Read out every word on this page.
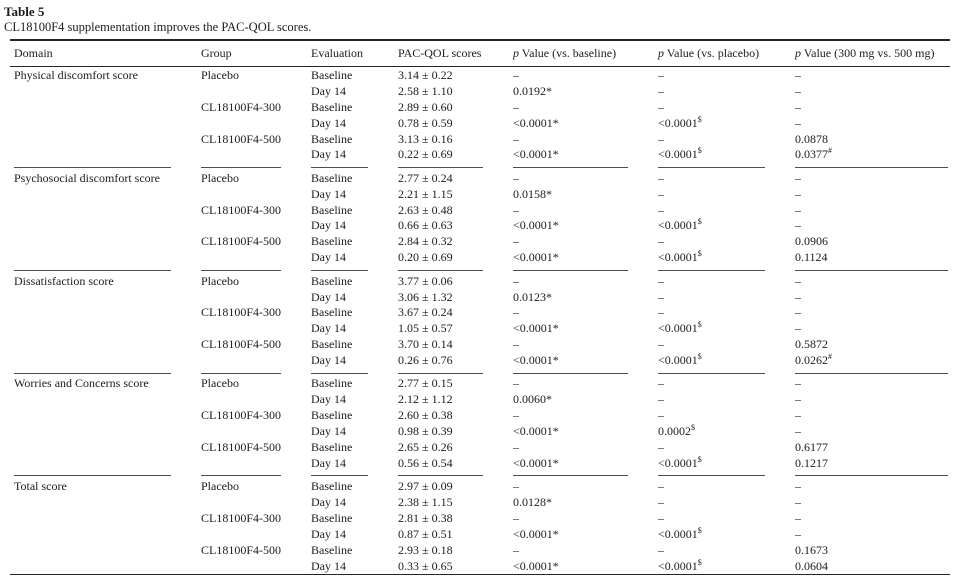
Table 5
CL18100F4 supplementation improves the PAC-QOL scores.
Domain	Group	Evaluation	PAC-QOL scores	p Value (vs. baseline)	p Value (vs. placebo)	p Value (300 mg vs. 500 mg)
Physical discomfort score	Placebo	Baseline	3.14 ± 0.22	–	–	–
		Day 14	2.58 ± 1.10	0.0192*	–	–
	CL18100F4-300	Baseline	2.89 ± 0.60	–	–	–
		Day 14	0.78 ± 0.59	<0.0001*	<0.0001$	–
	CL18100F4-500	Baseline	3.13 ± 0.16	–	–	0.0878
		Day 14	0.22 ± 0.69	<0.0001*	<0.0001$	0.0377#

Psychosocial discomfort score	Placebo	Baseline	2.77 ± 0.24	–	–	–
		Day 14	2.21 ± 1.15	0.0158*	–	–
	CL18100F4-300	Baseline	2.63 ± 0.48	–	–	–
		Day 14	0.66 ± 0.63	<0.0001*	<0.0001$	–
	CL18100F4-500	Baseline	2.84 ± 0.32	–	–	0.0906
		Day 14	0.20 ± 0.69	<0.0001*	<0.0001$	0.1124

Dissatisfaction score	Placebo	Baseline	3.77 ± 0.06	–	–	–
		Day 14	3.06 ± 1.32	0.0123*	–	–
	CL18100F4-300	Baseline	3.67 ± 0.24	–	–	–
		Day 14	1.05 ± 0.57	<0.0001*	<0.0001$	–
	CL18100F4-500	Baseline	3.70 ± 0.14	–	–	0.5872
		Day 14	0.26 ± 0.76	<0.0001*	<0.0001$	0.0262#

Worries and Concerns score	Placebo	Baseline	2.77 ± 0.15	–	–	–
		Day 14	2.12 ± 1.12	0.0060*	–	–
	CL18100F4-300	Baseline	2.60 ± 0.38	–	–	–
		Day 14	0.98 ± 0.39	<0.0001*	0.0002$	–
	CL18100F4-500	Baseline	2.65 ± 0.26	–	–	0.6177
		Day 14	0.56 ± 0.54	<0.0001*	<0.0001$	0.1217

Total score	Placebo	Baseline	2.97 ± 0.09	–	–	–
		Day 14	2.38 ± 1.15	0.0128*	–	–
	CL18100F4-300	Baseline	2.81 ± 0.38	–	–	–
		Day 14	0.87 ± 0.51	<0.0001*	<0.0001$	–
	CL18100F4-500	Baseline	2.93 ± 0.18	–	–	0.1673
		Day 14	0.33 ± 0.65	<0.0001*	<0.0001$	0.0604
